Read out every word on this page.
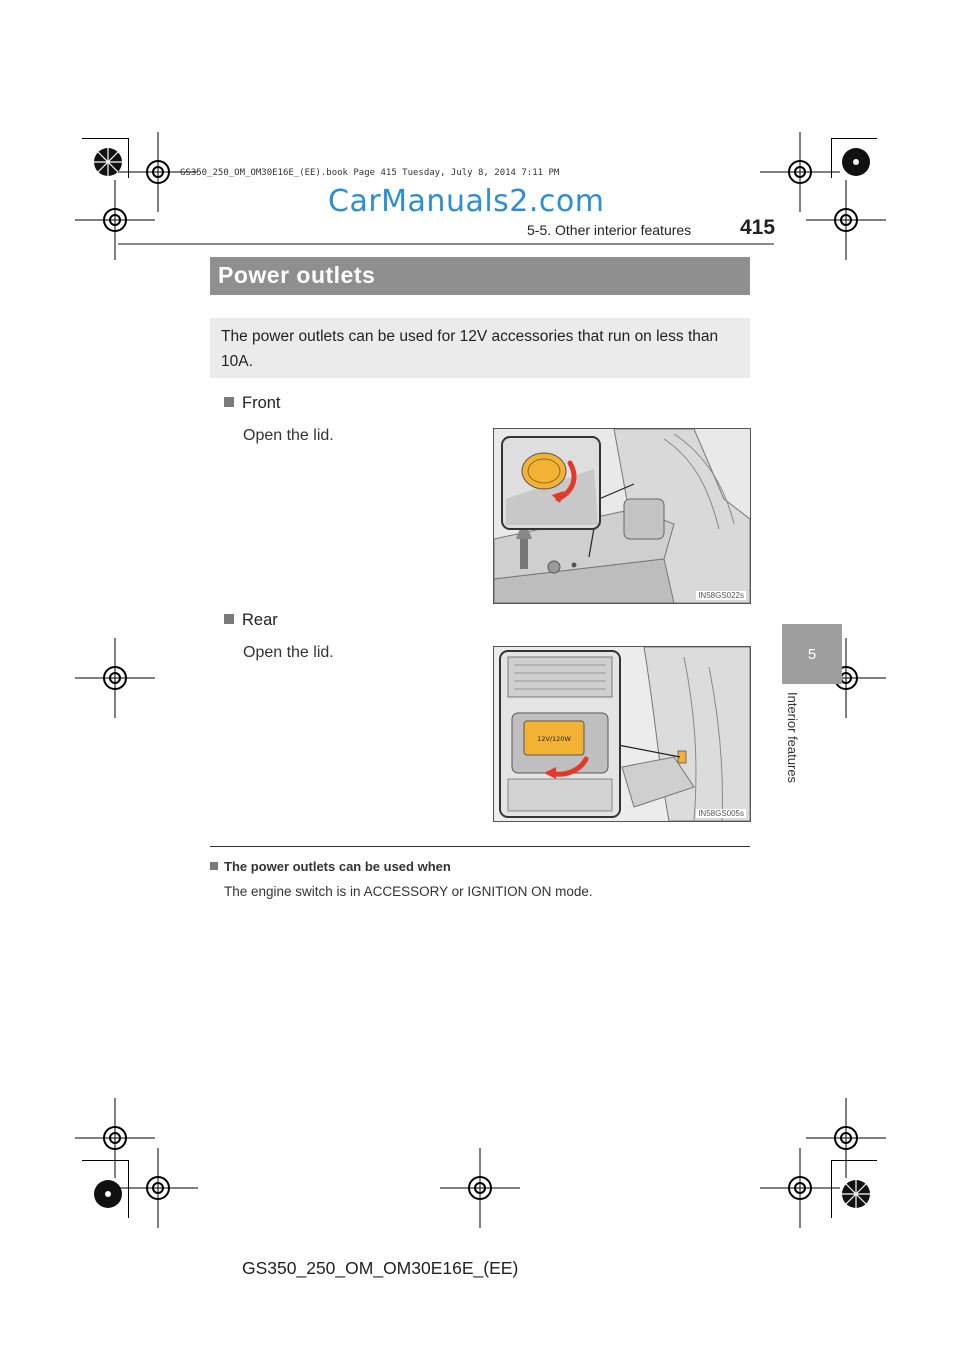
GS350_250_OM_OM30E16E_(EE).book Page 415 Tuesday, July 8, 2014 7:11 PM
CarManuals2.com
5-5. Other interior features 415
5
Interior features
Power outlets

The power outlets can be used for 12V accessories that run on less than 10A.

Front
Open the lid.
IN58GS022s
Rear
Open the lid.
12V/120W
IN58GS005s
The power outlets can be used when
The engine switch is in ACCESSORY or IGNITION ON mode.
GS350_250_OM_OM30E16E_(EE)
